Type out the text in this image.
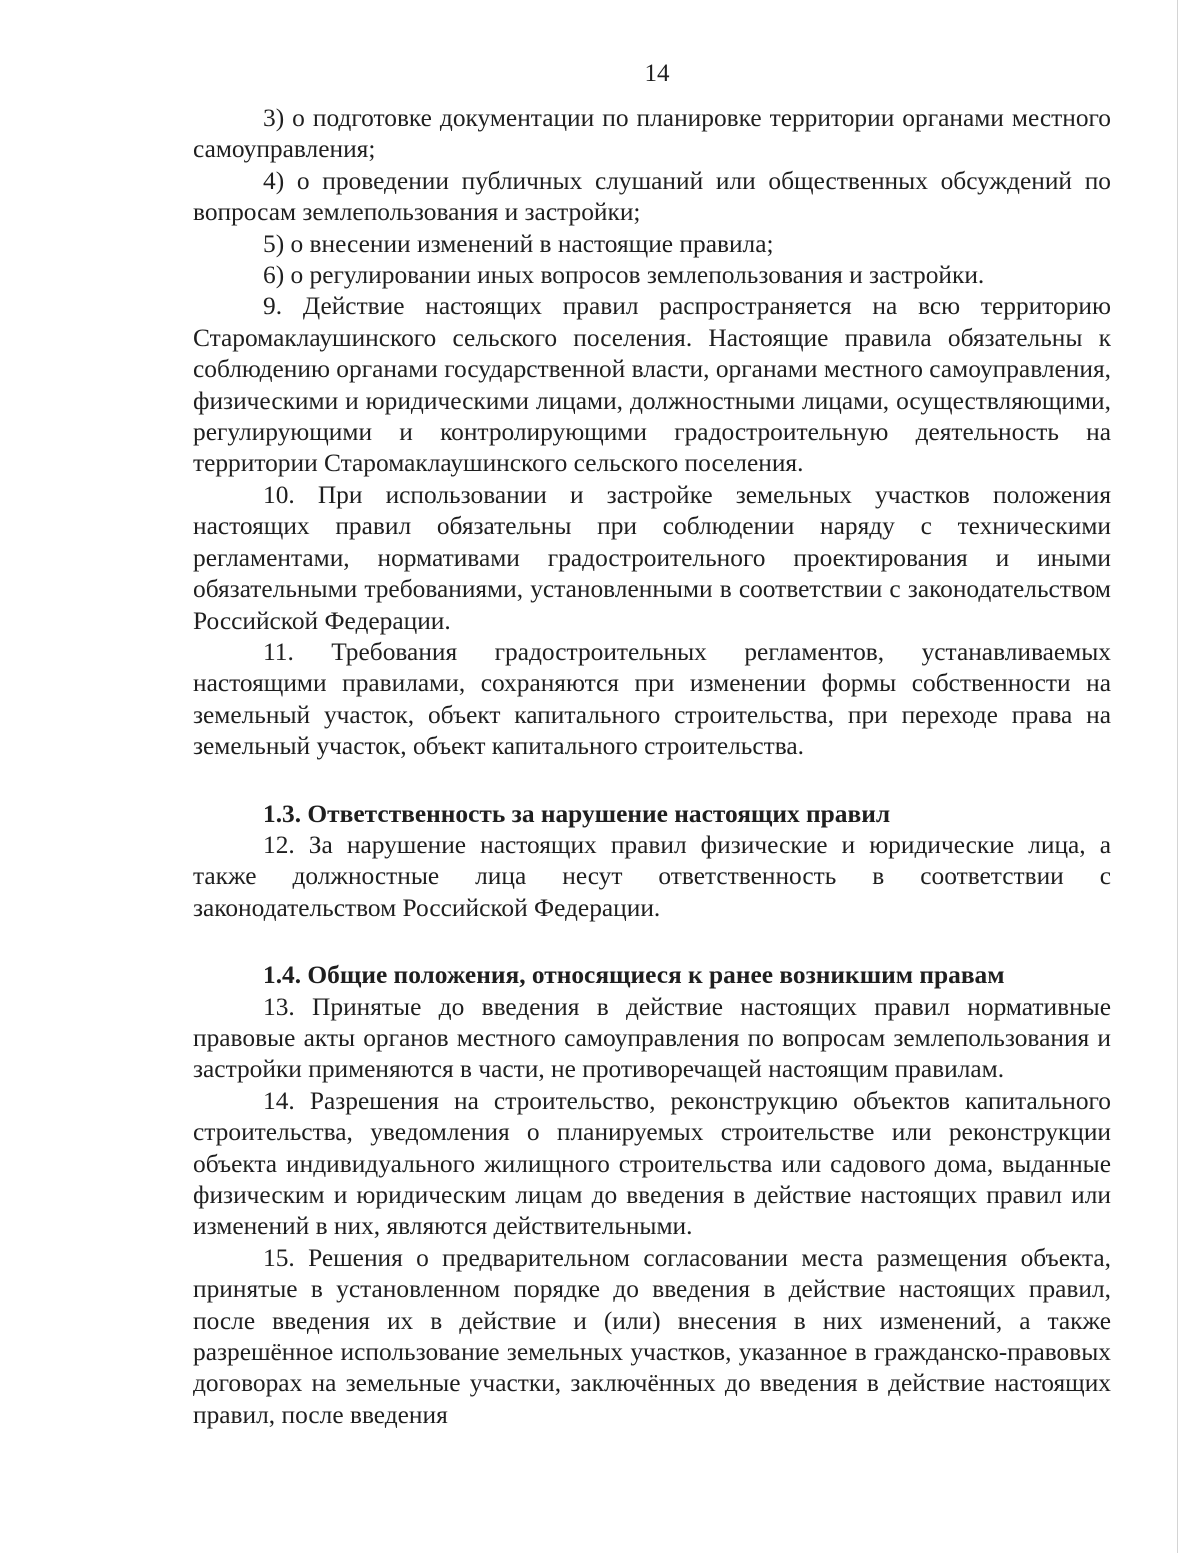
14

3) о подготовке документации по планировке территории органами местного самоуправления;

4) о проведении публичных слушаний или общественных обсуждений по вопросам землепользования и застройки;

5) о внесении изменений в настоящие правила;

6) о регулировании иных вопросов землепользования и застройки.

9. Действие настоящих правил распространяется на всю территорию Старомаклаушинского сельского поселения. Настоящие правила обязательны к соблюдению органами государственной власти, органами местного самоуправления, физическими и юридическими лицами, должностными лицами, осуществляющими, регулирующими и контролирующими градостроительную деятельность на территории Старомаклаушинского сельского поселения.

10. При использовании и застройке земельных участков положения настоящих правил обязательны при соблюдении наряду с техническими регламентами, нормативами градостроительного проектирования и иными обязательными требованиями, установленными в соответствии с законодательством Российской Федерации.

11. Требования градостроительных регламентов, устанавливаемых настоящими правилами, сохраняются при изменении формы собственности на земельный участок, объект капитального строительства, при переходе права на земельный участок, объект капитального строительства.

1.3. Ответственность за нарушение настоящих правил

12. За нарушение настоящих правил физические и юридические лица, а также должностные лица несут ответственность в соответствии с законодательством Российской Федерации.

1.4. Общие положения, относящиеся к ранее возникшим правам

13. Принятые до введения в действие настоящих правил нормативные правовые акты органов местного самоуправления по вопросам землепользования и застройки применяются в части, не противоречащей настоящим правилам.

14. Разрешения на строительство, реконструкцию объектов капитального строительства, уведомления о планируемых строительстве или реконструкции объекта индивидуального жилищного строительства или садового дома, выданные физическим и юридическим лицам до введения в действие настоящих правил или изменений в них, являются действительными.

15. Решения о предварительном согласовании места размещения объекта, принятые в установленном порядке до введения в действие настоящих правил, после введения их в действие и (или) внесения в них изменений, а также разрешённое использование земельных участков, указанное в гражданско-правовых договорах на земельные участки, заключённых до введения в действие настоящих правил, после введения
